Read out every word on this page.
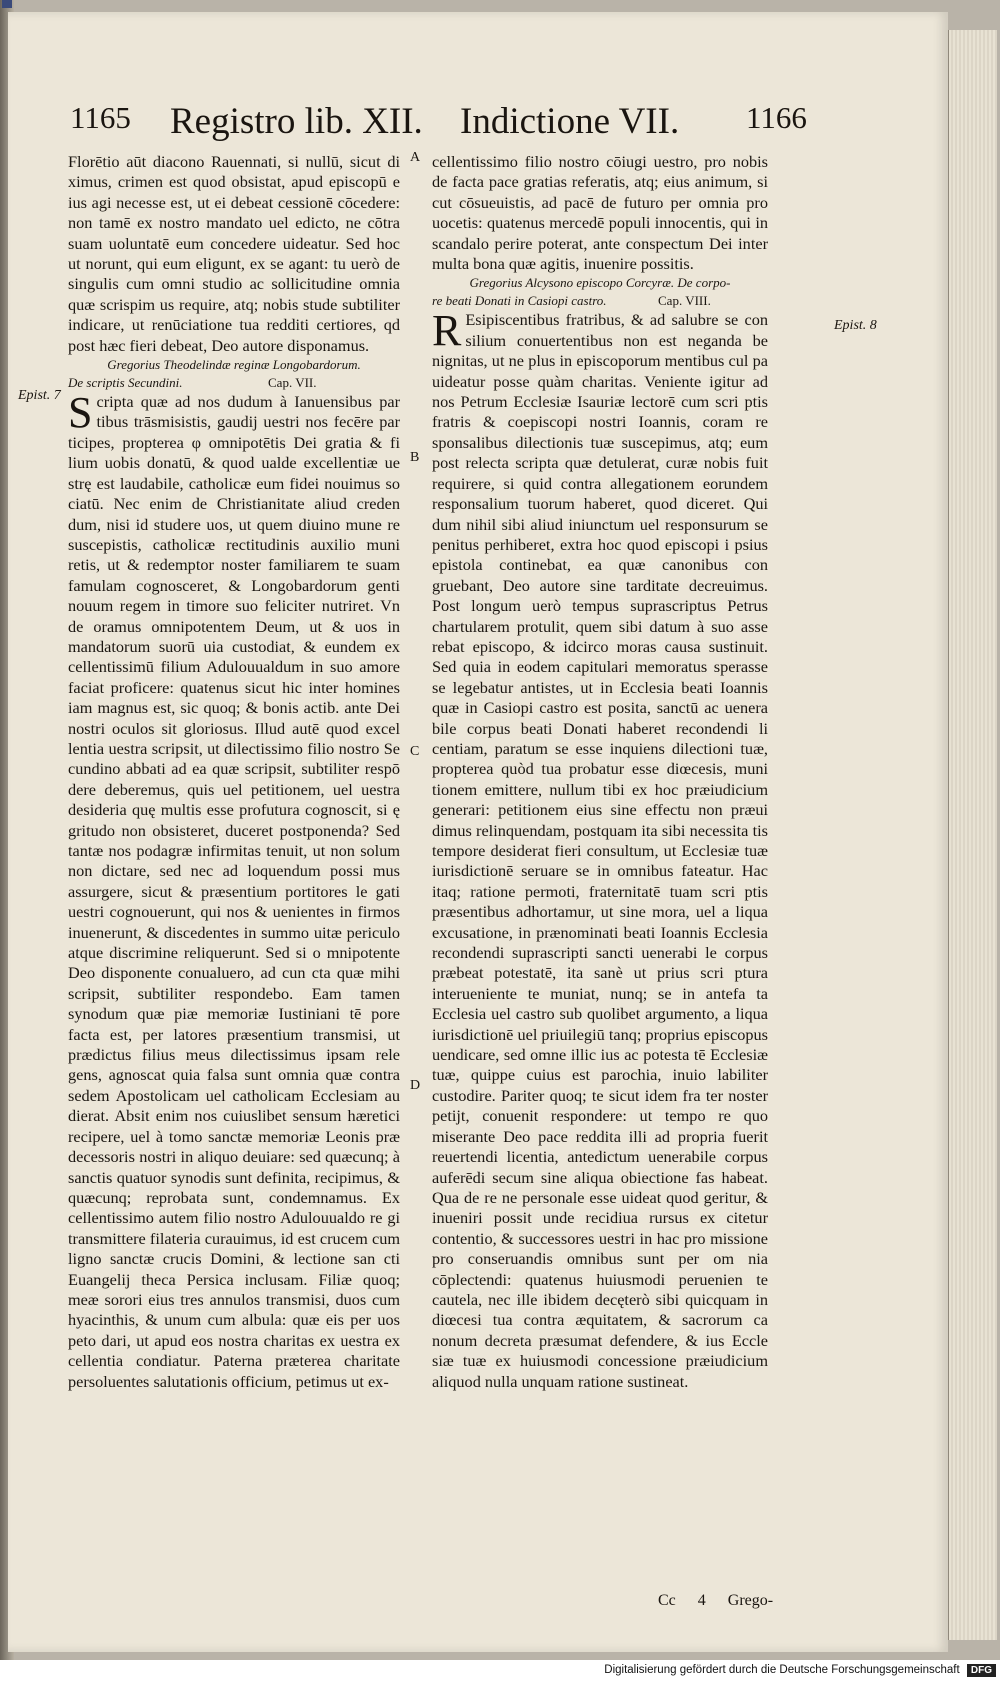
1165 Registro lib. XII. Indictione VII. 1166

Florētio aūt diacono Rauennati, si nullū, sicut di ximus, crimen est quod obsistat, apud episcopū e ius agi necesse est, ut ei debeat cessionē cōcedere: non tamē ex nostro mandato uel edicto, ne cōtra suam uoluntatē eum concedere uideatur. Sed hoc ut norunt, qui eum eligunt, ex se agant: tu uerò de singulis cum omni studio ac sollicitudine omnia quæ scrispim us require, atq; nobis stude subtiliter indicare, ut renūciatione tua redditi certiores, qd post hæc fieri debeat, Deo autore disponamus.

Gregorius Theodelindæ reginæ Longobardorum.

De scriptis Secundini.	Cap. VII.

Scripta quæ ad nos dudum à Ianuensibus par tibus trāsmisistis, gaudij uestri nos fecēre par ticipes, propterea φ omnipotētis Dei gratia & fi lium uobis donatū, & quod ualde excellentiæ ue strę est laudabile, catholicæ eum fidei nouimus so ciatū. Nec enim de Christianitate aliud creden dum, nisi id studere uos, ut quem diuino mune re suscepistis, catholicæ rectitudinis auxilio muni retis, ut & redemptor noster familiarem te suam famulam cognosceret, & Longobardorum genti nouum regem in timore suo feliciter nutriret. Vn de oramus omnipotentem Deum, ut & uos in mandatorum suorū uia custodiat, & eundem ex cellentissimū filium Adulouualdum in suo amore faciat proficere: quatenus sicut hic inter homines iam magnus est, sic quoq; & bonis actib. ante Dei nostri oculos sit gloriosus. Illud autē quod excel lentia uestra scripsit, ut dilectissimo filio nostro Se cundino abbati ad ea quæ scripsit, subtiliter respō dere deberemus, quis uel petitionem, uel uestra desideria quę multis esse profutura cognoscit, si ę gritudo non obsisteret, duceret postponenda? Sed tantæ nos podagræ infirmitas tenuit, ut non solum non dictare, sed nec ad loquendum possi mus assurgere, sicut & præsentium portitores le gati uestri cognouerunt, qui nos & uenientes in firmos inuenerunt, & discedentes in summo uitæ periculo atque discrimine reliquerunt. Sed si o mnipotente Deo disponente conualuero, ad cun cta quæ mihi scripsit, subtiliter respondebo. Eam tamen synodum quæ piæ memoriæ Iustiniani tē pore facta est, per latores præsentium transmisi, ut prædictus filius meus dilectissimus ipsam rele gens, agnoscat quia falsa sunt omnia quæ contra sedem Apostolicam uel catholicam Ecclesiam au dierat. Absit enim nos cuiuslibet sensum hæretici recipere, uel à tomo sanctæ memoriæ Leonis præ decessoris nostri in aliquo deuiare: sed quæcunq; à sanctis quatuor synodis sunt definita, recipimus, & quæcunq; reprobata sunt, condemnamus. Ex cellentissimo autem filio nostro Adulouualdo re gi transmittere filateria curauimus, id est crucem cum ligno sanctæ crucis Domini, & lectione san cti Euangelij theca Persica inclusam. Filiæ quoq; meæ sorori eius tres annulos transmisi, duos cum hyacinthis, & unum cum albula: quæ eis per uos peto dari, ut apud eos nostra charitas ex uestra ex cellentia condiatur. Paterna præterea charitate persoluentes salutationis officium, petimus ut ex-

cellentissimo filio nostro cōiugi uestro, pro nobis de facta pace gratias referatis, atq; eius animum, si cut cōsueuistis, ad pacē de futuro per omnia pro uocetis: quatenus mercedē populi innocentis, qui in scandalo perire poterat, ante conspectum Dei inter multa bona quæ agitis, inuenire possitis.

Gregorius Alcysono episcopo Corcyræ. De corpo-

re beati Donati in Casiopi castro.	Cap. VIII.

R Esipiscentibus fratribus, & ad salubre se con silium conuertentibus non est neganda be nignitas, ut ne plus in episcoporum mentibus cul pa uideatur posse quàm charitas. Veniente igitur ad nos Petrum Ecclesiæ Isauriæ lectorē cum scri ptis fratris & coepiscopi nostri Ioannis, coram re sponsalibus dilectionis tuæ suscepimus, atq; eum post relecta scripta quæ detulerat, curæ nobis fuit requirere, si quid contra allegationem eorundem responsalium tuorum haberet, quod diceret. Qui dum nihil sibi aliud iniunctum uel responsurum se penitus perhiberet, extra hoc quod episcopi i psius epistola continebat, ea quæ canonibus con gruebant, Deo autore sine tarditate decreuimus. Post longum uerò tempus suprascriptus Petrus chartularem protulit, quem sibi datum à suo asse rebat episcopo, & idcirco moras causa sustinuit. Sed quia in eodem capitulari memoratus sperasse se legebatur antistes, ut in Ecclesia beati Ioannis quæ in Casiopi castro est posita, sanctū ac uenera bile corpus beati Donati haberet recondendi li centiam, paratum se esse inquiens dilectioni tuæ, propterea quòd tua probatur esse diœcesis, muni tionem emittere, nullum tibi ex hoc præiudicium generari: petitionem eius sine effectu non præui dimus relinquendam, postquam ita sibi necessita tis tempore desiderat fieri consultum, ut Ecclesiæ tuæ iurisdictionē seruare se in omnibus fateatur. Hac itaq; ratione permoti, fraternitatē tuam scri ptis præsentibus adhortamur, ut sine mora, uel a liqua excusatione, in prænominati beati Ioannis Ecclesia recondendi suprascripti sancti uenerabi le corpus præbeat potestatē, ita sanè ut prius scri ptura interueniente te muniat, nunq; se in antefa ta Ecclesia uel castro sub quolibet argumento, a liqua iurisdictionē uel priuilegiū tanq; proprius episcopus uendicare, sed omne illic ius ac potesta tē Ecclesiæ tuæ, quippe cuius est parochia, inuio labiliter custodire. Pariter quoq; te sicut idem fra ter noster petijt, conuenit respondere: ut tempo re quo miserante Deo pace reddita illi ad propria fuerit reuertendi licentia, antedictum uenerabile corpus auferēdi secum sine aliqua obiectione fas habeat. Qua de re ne personale esse uideat quod geritur, & inueniri possit unde recidiua rursus ex citetur contentio, & successores uestri in hac pro missione pro conseruandis omnibus sunt per om nia cōplectendi: quatenus huiusmodi peruenien te cautela, nec ille ibidem decęterò sibi quicquam in diœcesi tua contra æquitatem, & sacrorum ca nonum decreta præsumat defendere, & ius Eccle siæ tuæ ex huiusmodi concessione præiudicium aliquod nulla unquam ratione sustineat.

A
B
C
D
Epist. 7
Epist. 8
Cc 4 Grego-
Digitalisierung gefördert durch die Deutsche Forschungsgemeinschaft DFG
